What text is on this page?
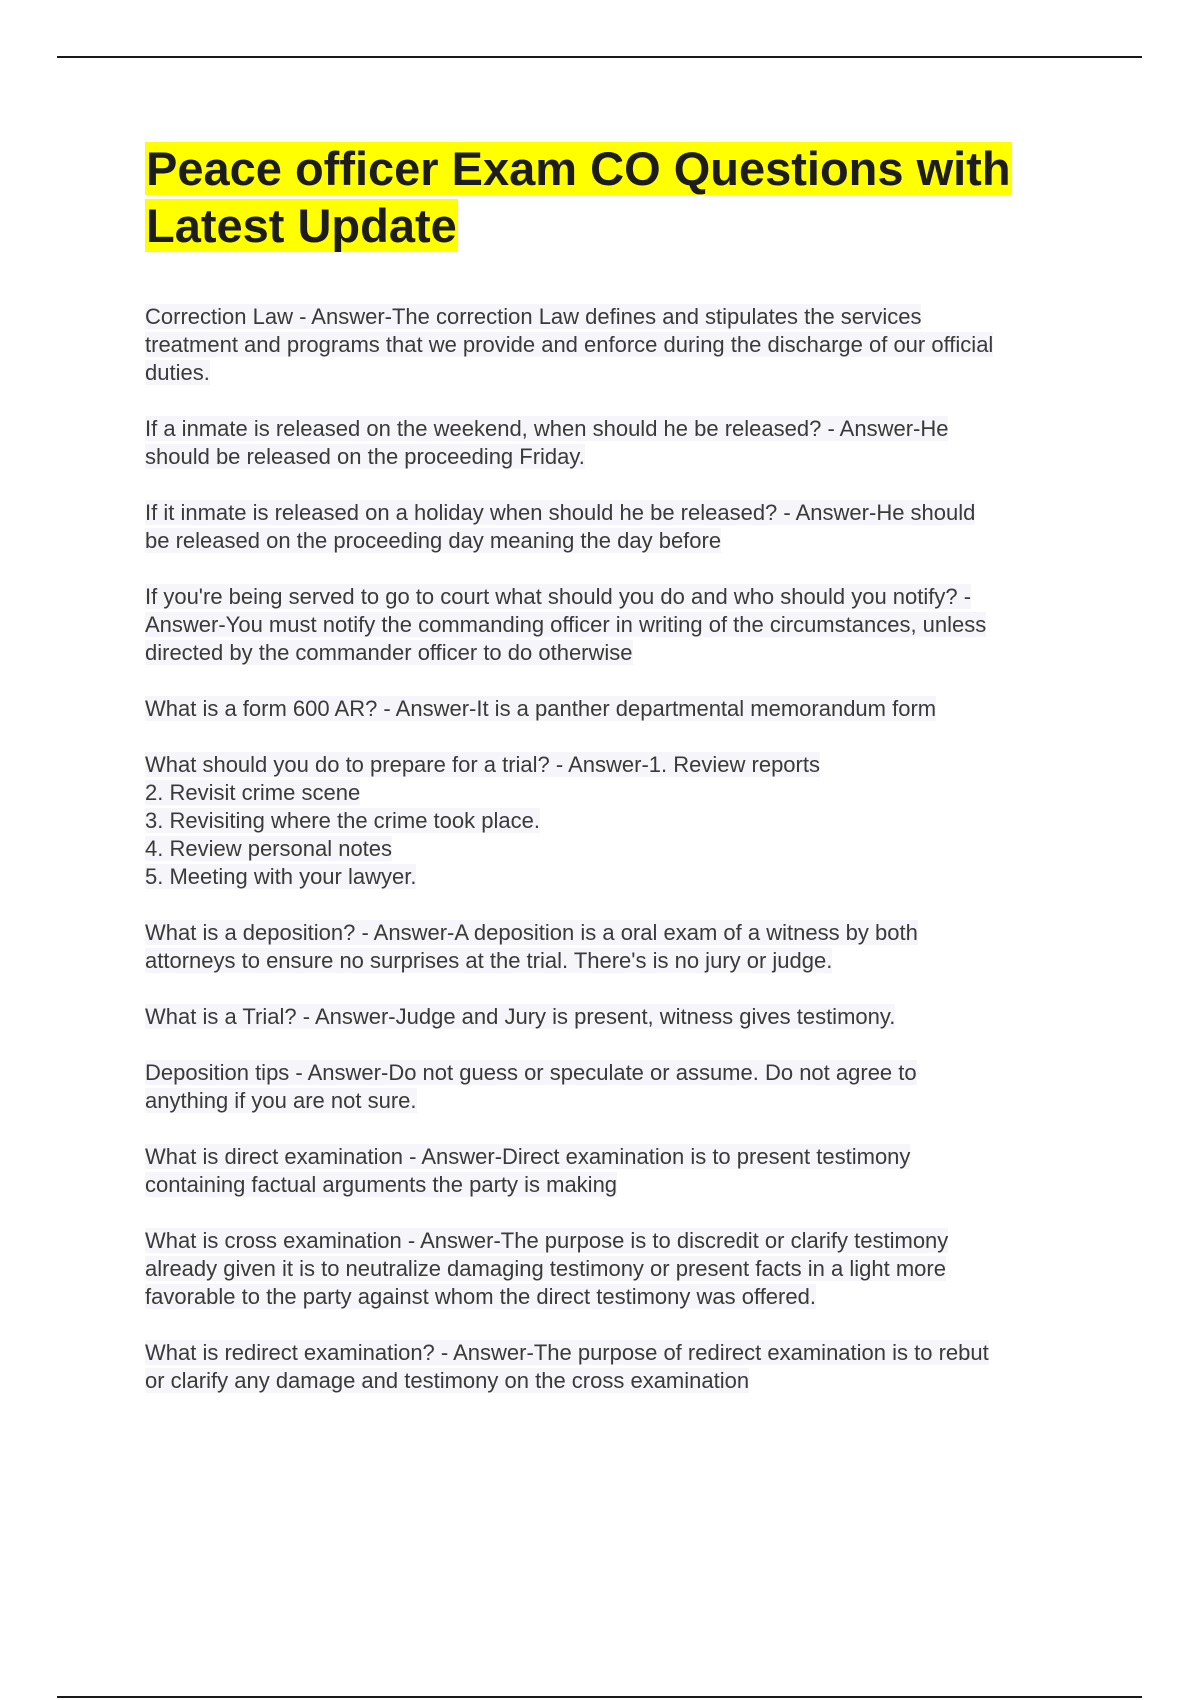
Peace officer Exam CO Questions with
Latest Update
Correction Law - Answer-The correction Law defines and stipulates the services
treatment and programs that we provide and enforce during the discharge of our official
duties.
If a inmate is released on the weekend, when should he be released? - Answer-He
should be released on the proceeding Friday.
If it inmate is released on a holiday when should he be released? - Answer-He should
be released on the proceeding day meaning the day before
If you're being served to go to court what should you do and who should you notify? -
Answer-You must notify the commanding officer in writing of the circumstances, unless
directed by the commander officer to do otherwise
What is a form 600 AR? - Answer-It is a panther departmental memorandum form
What should you do to prepare for a trial? - Answer-1. Review reports
2. Revisit crime scene
3. Revisiting where the crime took place.
4. Review personal notes
5. Meeting with your lawyer.
What is a deposition? - Answer-A deposition is a oral exam of a witness by both
attorneys to ensure no surprises at the trial. There's is no jury or judge.
What is a Trial? - Answer-Judge and Jury is present, witness gives testimony.
Deposition tips - Answer-Do not guess or speculate or assume. Do not agree to
anything if you are not sure.
What is direct examination - Answer-Direct examination is to present testimony
containing factual arguments the party is making
What is cross examination - Answer-The purpose is to discredit or clarify testimony
already given it is to neutralize damaging testimony or present facts in a light more
favorable to the party against whom the direct testimony was offered.
What is redirect examination? - Answer-The purpose of redirect examination is to rebut
or clarify any damage and testimony on the cross examination
